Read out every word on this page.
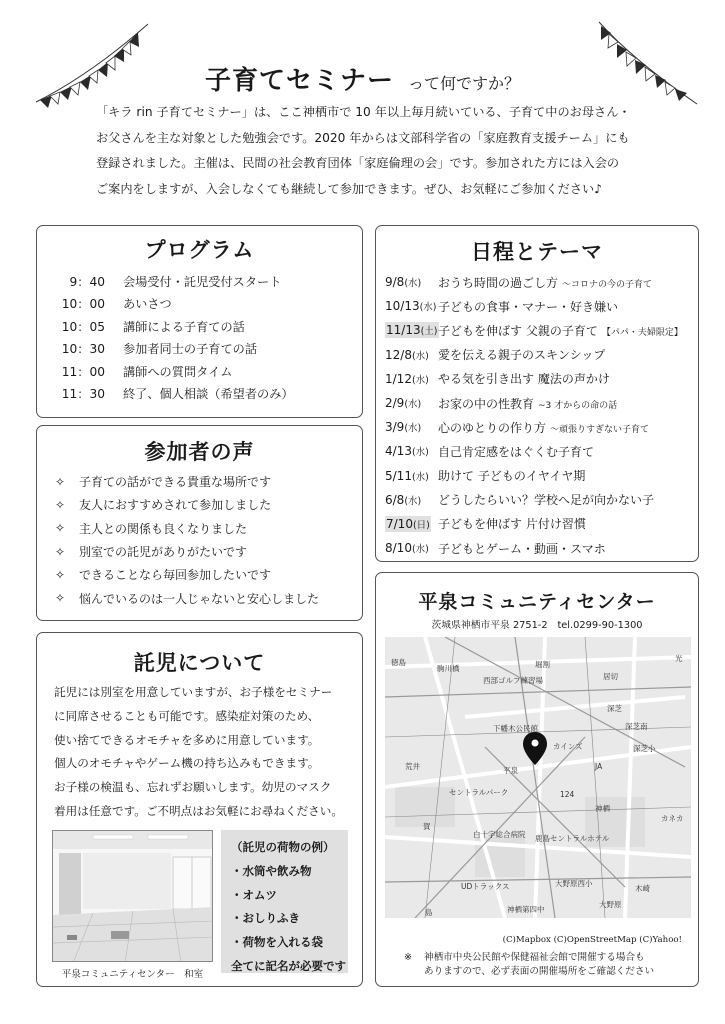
子育てセミナー って何ですか？

「キラ rin 子育てセミナー」は、ここ神栖市で 10 年以上毎月続いている、子育て中のお母さん・

お父さんを主な対象とした勉強会です。2020 年からは文部科学省の「家庭教育支援チーム」にも

登録されました。主催は、民間の社会教育団体「家庭倫理の会」です。参加された方には入会の

ご案内をしますが、入会しなくても継続して参加できます。ぜひ、お気軽にご参加ください♪

プログラム
9：40	会場受付・託児受付スタート
10：00	あいさつ
10：05	講師による子育ての話
10：30	参加者同士の子育ての話
11：00	講師への質問タイム
11：30	終了、個人相談（希望者のみ）
参加者の声
✧	子育ての話ができる貴重な場所です
✧	友人におすすめされて参加しました
✧	主人との関係も良くなりました
✧	別室での託児がありがたいです
✧	できることなら毎回参加したいです
✧	悩んでいるのは一人じゃないと安心しました
託児について

託児には別室を用意していますが、お子様をセミナー

に同席させることも可能です。感染症対策のため、

使い捨てできるオモチャを多めに用意しています。

個人のオモチャやゲーム機の持ち込みもできます。

お子様の検温も、忘れずお願いします。幼児のマスク

着用は任意です。ご不明点はお気軽にお尋ねください。

平泉コミュニティセンター　和室
（託児の荷物の例）
・水筒や飲み物
・オムツ
・おしりふき
・荷物を入れる袋
全てに記名が必要です
日程とテーマ
9/8(水)	おうち時間の過ごし方 ～コロナの今の子育て
10/13(水) 子どもの食事・マナー・好き嫌い
11/13(土) 子どもを伸ばす 父親の子育て 【パパ・夫婦限定】
12/8(水) 愛を伝える親子のスキンシップ
1/12(水) やる気を引き出す 魔法の声かけ
2/9(水)	お家の中の性教育 ~3 才からの命の話
3/9(水)	心のゆとりの作り方 ～頑張りすぎない子育て
4/13(水) 自己肯定感をはぐくむ子育て
5/11(水) 助けて 子どものイヤイヤ期
6/8(水)	どうしたらいい？学校へ足が向かない子
7/10(日) 子どもを伸ばす 片付け習慣
8/10(水) 子どもとゲーム・動画・スマホ
平泉コミュニティセンター
茨城県神栖市平泉 2751-2　tel.0299-90-1300
徳島
駒川橋	堀割
光
西部ゴルフ練習場	居切
深芝
下幡木公民館	深芝南
カインズ	深芝小
荒井	平泉	JA
セントラルパーク	124
神栖
カネカ
賀
白十字総合病院 鹿島セントラルホテル
UDトラックス	大野原西小
木崎
大野原
神栖第四中
島
(C)Mapbox (C)OpenStreetMap (C)Yahoo!
※ 神栖市中央公民館や保健福祉会館で開催する場合も
ありますので、必ず表面の開催場所をご確認ください
